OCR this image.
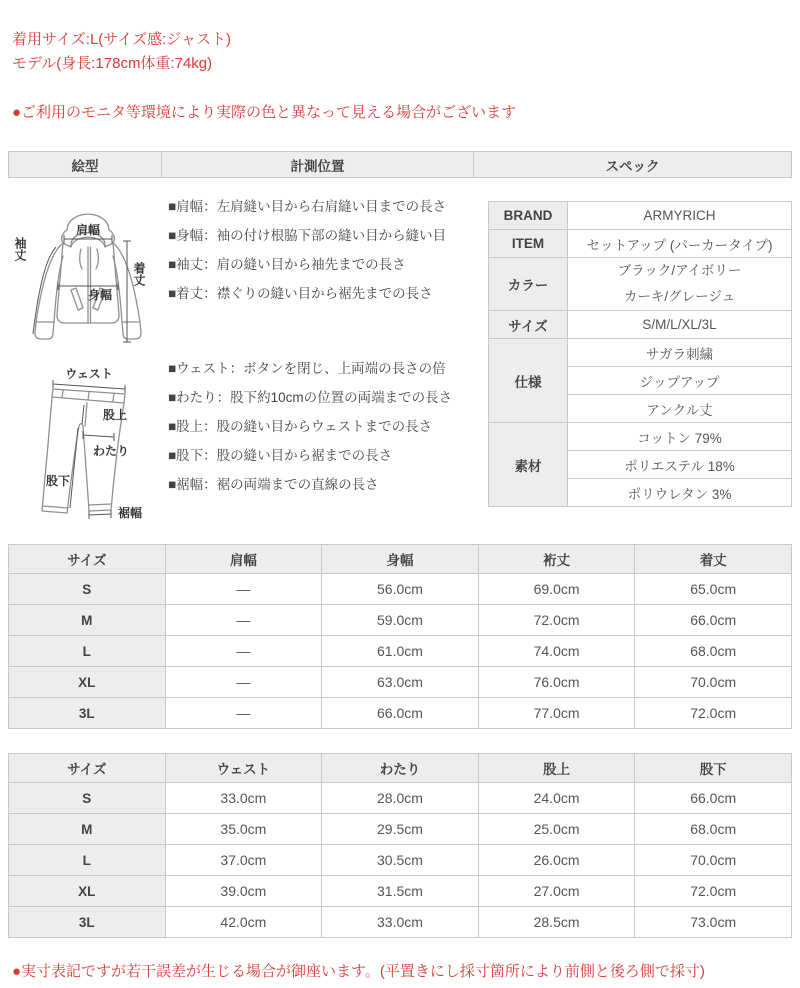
着用サイズ:L(サイズ感:ジャスト)
モデル(身長:178cm体重:74kg)
●ご利用のモニタ等環境により実際の色と異なって見える場合がございます
絵型	計測位置	スペック
肩幅
袖丈
身幅
着丈

ウェスト
股上
わたり
股下
裾幅
■肩幅：左肩縫い目から右肩縫い目までの長さ
■身幅：袖の付け根脇下部の縫い目から縫い目
■袖丈：肩の縫い目から袖先までの長さ
■着丈：襟ぐりの縫い目から裾先までの長さ
■ウェスト：ボタンを閉じ、上両端の長さの倍
■わたり：股下約10cmの位置の両端までの長さ
■股上：股の縫い目からウェストまでの長さ
■股下：股の縫い目から裾までの長さ
■裾幅：裾の両端までの直線の長さ
BRAND	ARMYRICH
ITEM	セットアップ (パーカータイプ)
カラー	ブラック/アイボリー
カーキ/グレージュ

サイズ	S/M/L/XL/3L
仕様	サガラ刺繍
	ジップアップ
	アンクル丈
素材	コットン 79%
	ポリエステル 18%
	ポリウレタン 3%
サイズ	肩幅	身幅	裄丈	着丈
S	―	56.0cm	69.0cm	65.0cm
M	―	59.0cm	72.0cm	66.0cm
L	―	61.0cm	74.0cm	68.0cm
XL	―	63.0cm	76.0cm	70.0cm
3L	―	66.0cm	77.0cm	72.0cm
サイズ	ウェスト	わたり	股上	股下
S	33.0cm	28.0cm	24.0cm	66.0cm
M	35.0cm	29.5cm	25.0cm	68.0cm
L	37.0cm	30.5cm	26.0cm	70.0cm
XL	39.0cm	31.5cm	27.0cm	72.0cm
3L	42.0cm	33.0cm	28.5cm	73.0cm
●実寸表記ですが若干誤差が生じる場合が御座います。(平置きにし採寸箇所により前側と後ろ側で採寸)
